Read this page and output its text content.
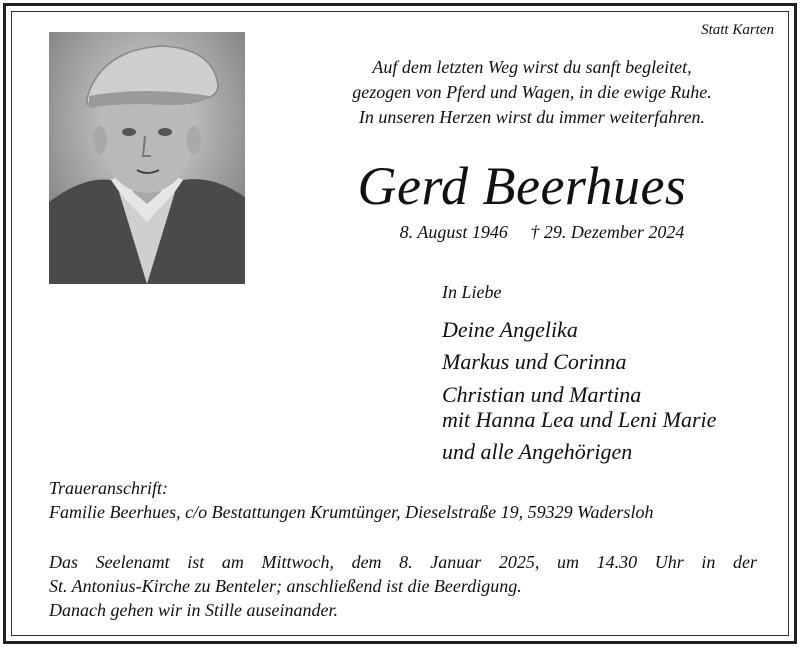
Statt Karten
Auf dem letzten Weg wirst du sanft begleitet,
gezogen von Pferd und Wagen, in die ewige Ruhe.
In unseren Herzen wirst du immer weiterfahren.
Gerd Beerhues
8. August 1946 † 29. Dezember 2024
In Liebe
Deine Angelika
Markus und Corinna
Christian und Martina
mit Hanna Lea und Leni Marie
und alle Angehörigen
Traueranschrift:
Familie Beerhues, c/o Bestattungen Krumtünger, Dieselstraße 19, 59329 Wadersloh
Das Seelenamt ist am Mittwoch, dem 8. Januar 2025, um 14.30 Uhr in der
St. Antonius-Kirche zu Benteler; anschließend ist die Beerdigung.
Danach gehen wir in Stille auseinander.
